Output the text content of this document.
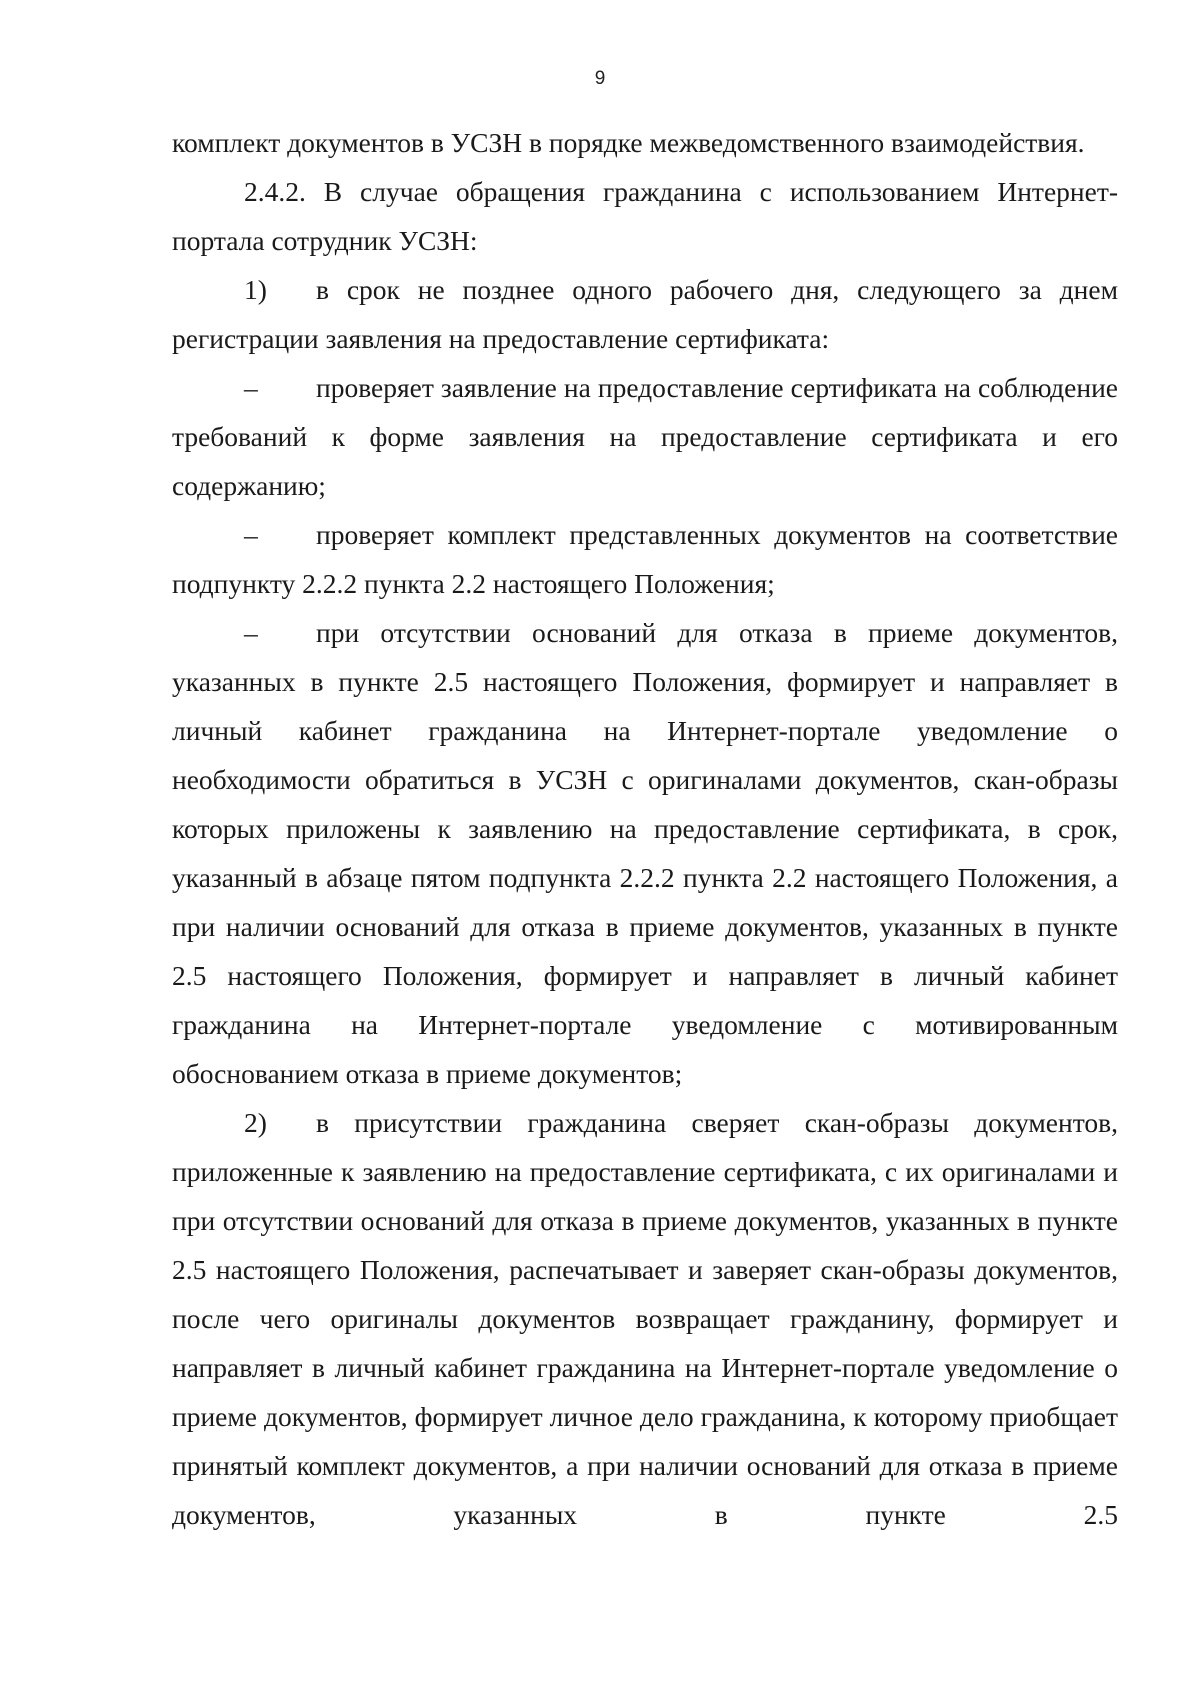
9

комплект документов в УСЗН в порядке межведомственного взаимодействия.

2.4.2. В случае обращения гражданина с использованием Интернет-портала сотрудник УСЗН:

1) в срок не позднее одного рабочего дня, следующего за днем регистрации заявления на предоставление сертификата:

– проверяет заявление на предоставление сертификата на соблюдение требований к форме заявления на предоставление сертификата и его содержанию;

– проверяет комплект представленных документов на соответствие подпункту 2.2.2 пункта 2.2 настоящего Положения;

– при отсутствии оснований для отказа в приеме документов, указанных в пункте 2.5 настоящего Положения, формирует и направляет в личный кабинет гражданина на Интернет-портале уведомление о необходимости обратиться в УСЗН с оригиналами документов, скан-образы которых приложены к заявлению на предоставление сертификата, в срок, указанный в абзаце пятом подпункта 2.2.2 пункта 2.2 настоящего Положения, а при наличии оснований для отказа в приеме документов, указанных в пункте 2.5 настоящего Положения, формирует и направляет в личный кабинет гражданина на Интернет-портале уведомление с мотивированным обоснованием отказа в приеме документов;

2) в присутствии гражданина сверяет скан-образы документов, приложенные к заявлению на предоставление сертификата, с их оригиналами и при отсутствии оснований для отказа в приеме документов, указанных в пункте 2.5 настоящего Положения, распечатывает и заверяет скан-образы документов, после чего оригиналы документов возвращает гражданину, формирует и направляет в личный кабинет гражданина на Интернет-портале уведомление о приеме документов, формирует личное дело гражданина, к которому приобщает принятый комплект документов, а при наличии оснований для отказа в приеме документов, указанных в пункте 2.5
